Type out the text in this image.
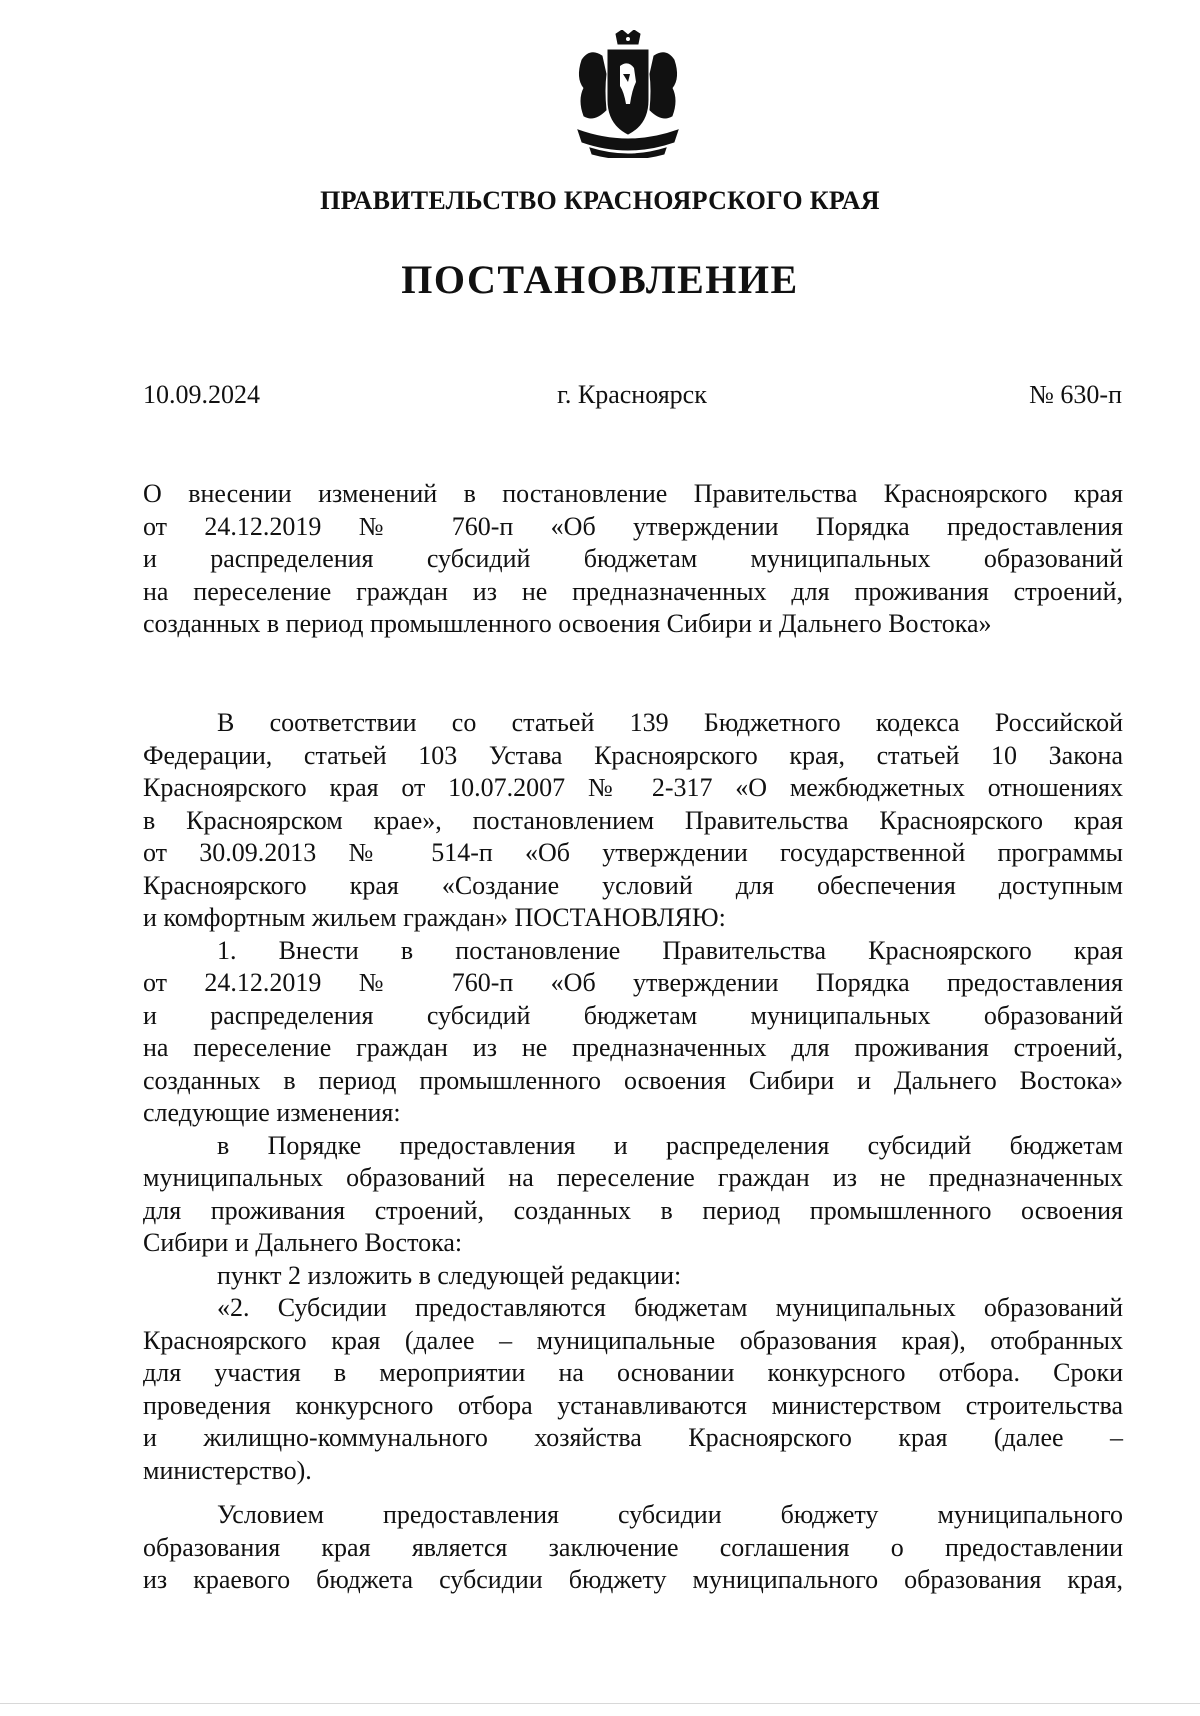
ПРАВИТЕЛЬСТВО КРАСНОЯРСКОГО КРАЯ
ПОСТАНОВЛЕНИЕ
10.09.2024	г. Красноярск	№ 630-п
О внесении изменений в постановление Правительства Красноярского края
от 24.12.2019 № 760-п «Об утверждении Порядка предоставления
и распределения субсидий бюджетам муниципальных образований
на переселение граждан из не предназначенных для проживания строений,
созданных в период промышленного освоения Сибири и Дальнего Востока»
В соответствии со статьей 139 Бюджетного кодекса Российской
Федерации, статьей 103 Устава Красноярского края, статьей 10 Закона
Красноярского края от 10.07.2007 № 2-317 «О межбюджетных отношениях
в Красноярском крае», постановлением Правительства Красноярского края
от 30.09.2013 № 514-п «Об утверждении государственной программы
Красноярского края «Создание условий для обеспечения доступным
и комфортным жильем граждан» ПОСТАНОВЛЯЮ:
1. Внести в постановление Правительства Красноярского края
от 24.12.2019 № 760-п «Об утверждении Порядка предоставления
и распределения субсидий бюджетам муниципальных образований
на переселение граждан из не предназначенных для проживания строений,
созданных в период промышленного освоения Сибири и Дальнего Востока»
следующие изменения:
в Порядке предоставления и распределения субсидий бюджетам
муниципальных образований на переселение граждан из не предназначенных
для проживания строений, созданных в период промышленного освоения
Сибири и Дальнего Востока:
пункт 2 изложить в следующей редакции:
«2. Субсидии предоставляются бюджетам муниципальных образований
Красноярского края (далее – муниципальные образования края), отобранных
для участия в мероприятии на основании конкурсного отбора. Сроки
проведения конкурсного отбора устанавливаются министерством строительства
и жилищно-коммунального хозяйства Красноярского края (далее –
министерство).
Условием предоставления субсидии бюджету муниципального
образования края является заключение соглашения о предоставлении
из краевого бюджета субсидии бюджету муниципального образования края,
